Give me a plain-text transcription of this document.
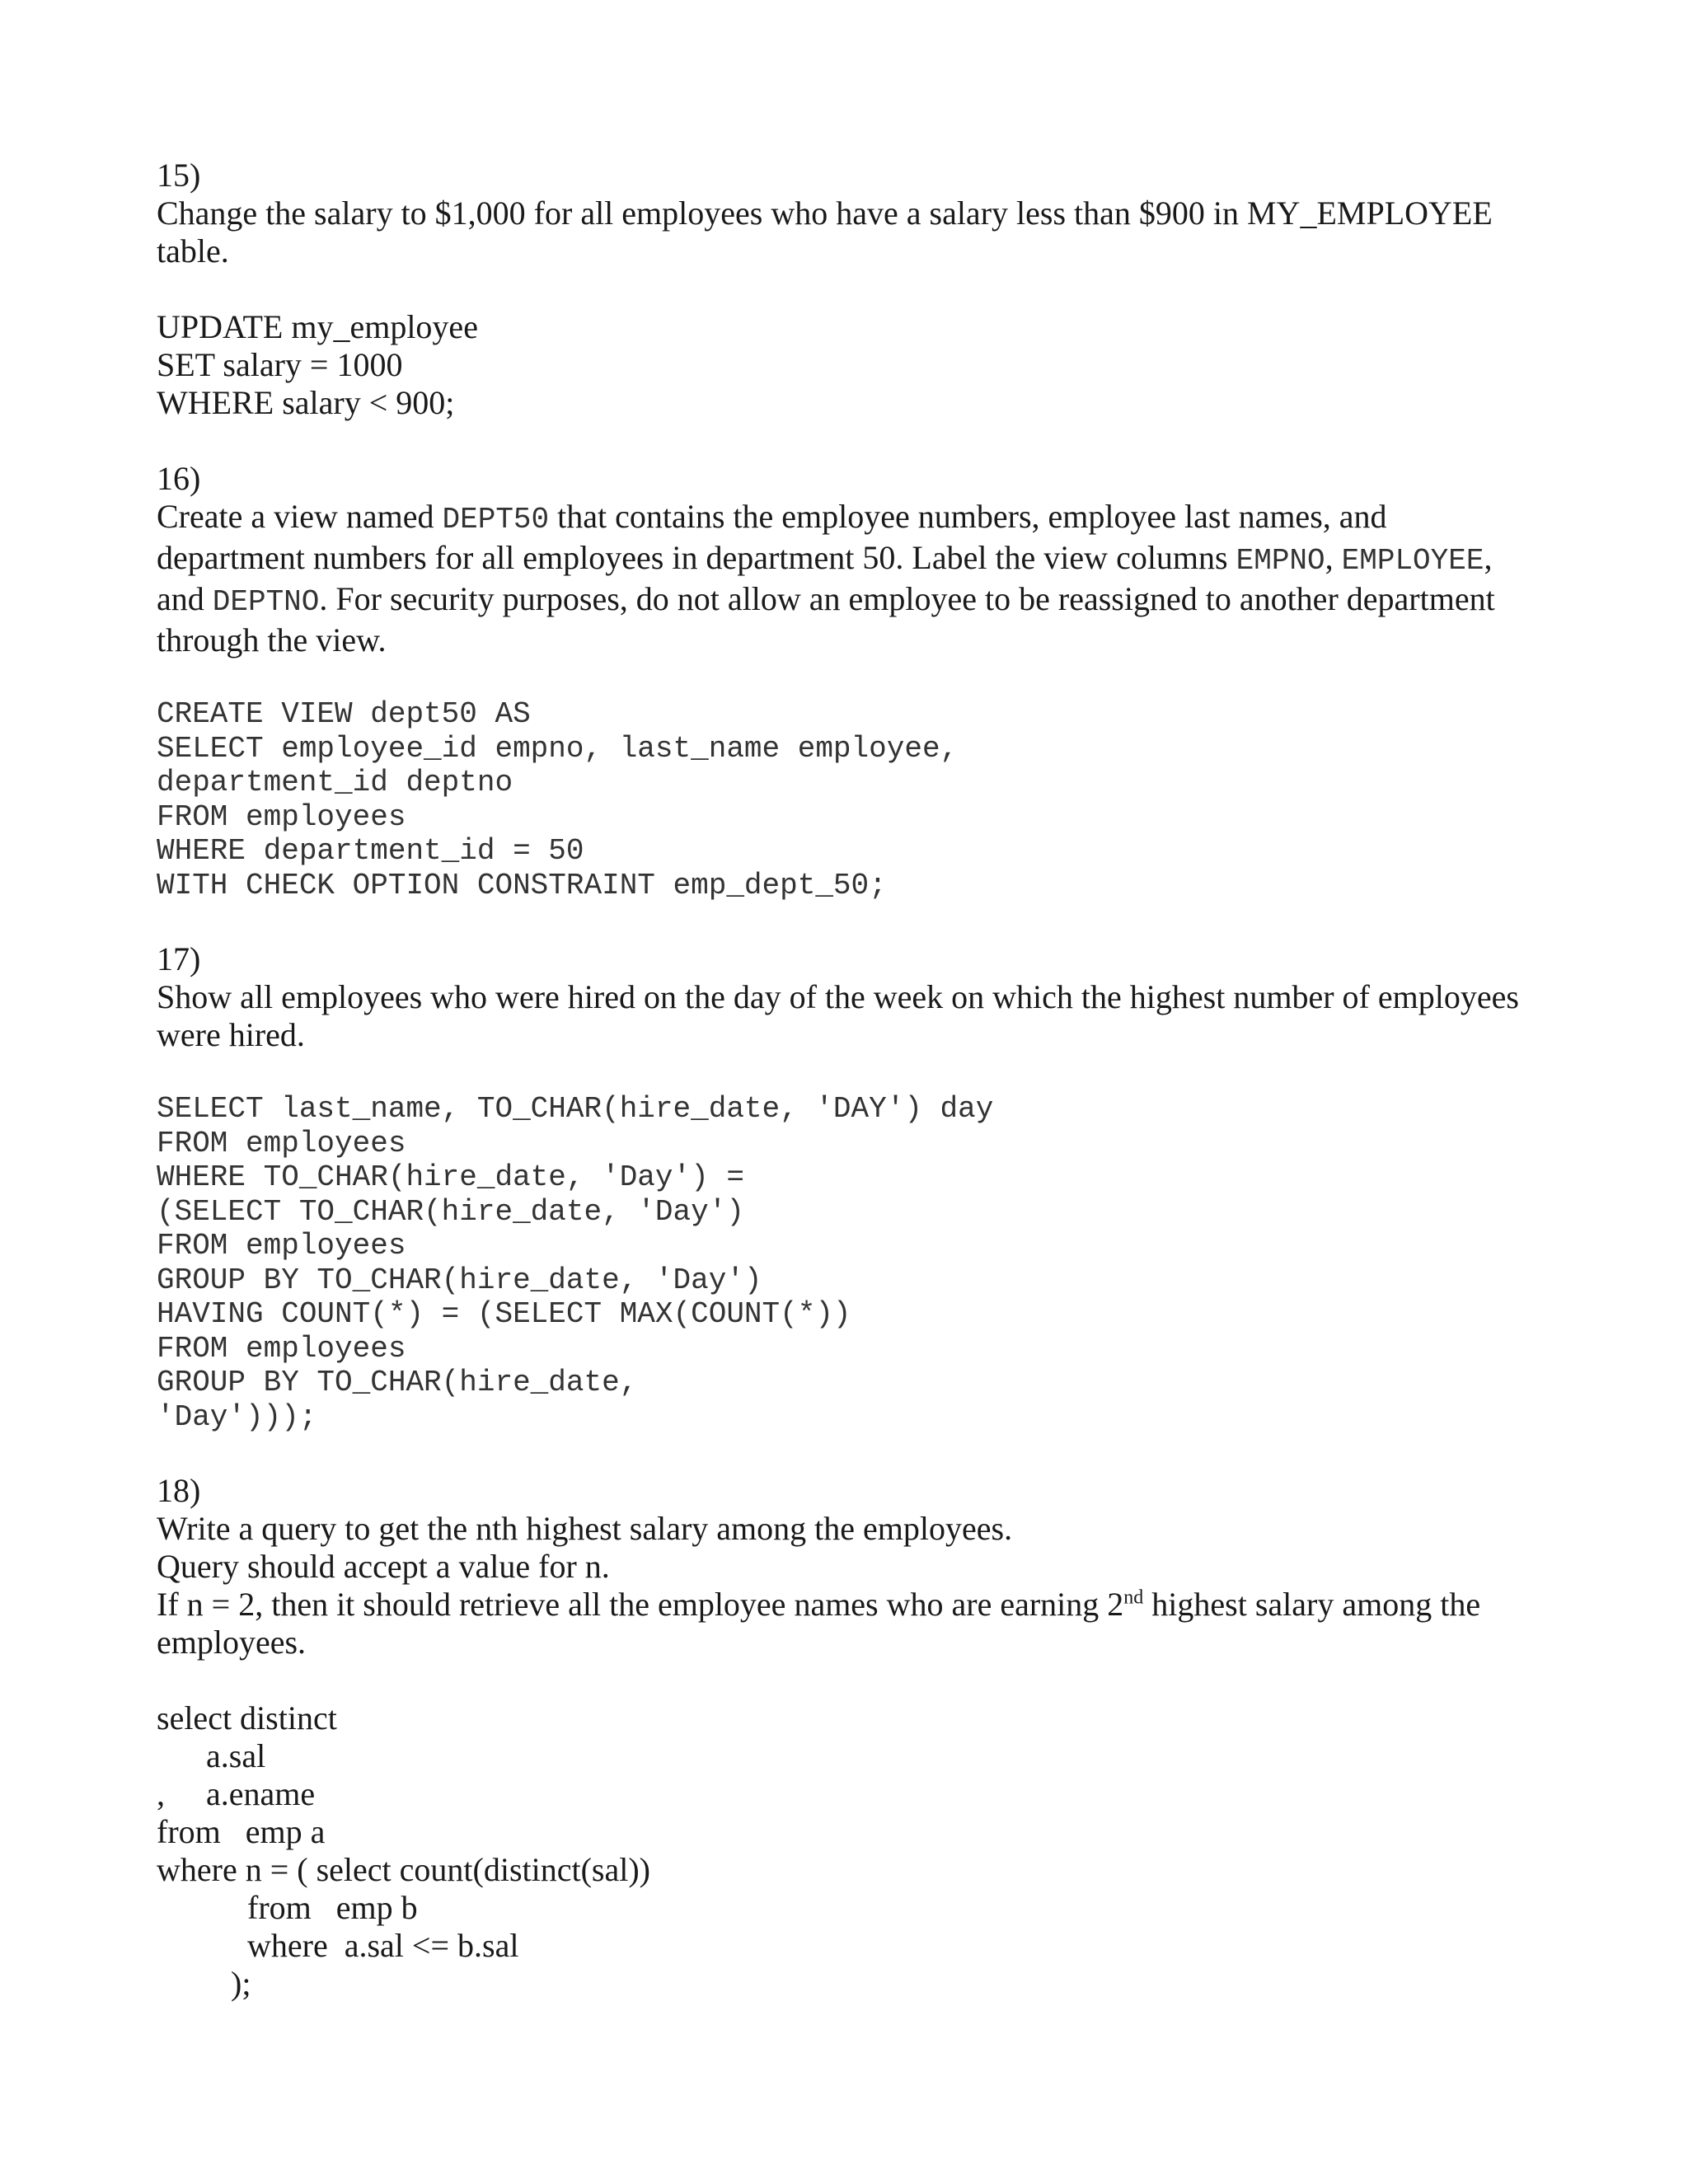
15)
Change the salary to $1,000 for all employees who have a salary less than $900 in MY_EMPLOYEE table.
UPDATE my_employee
SET salary = 1000
WHERE salary < 900;
16)
Create a view named DEPT50 that contains the employee numbers, employee last names, and department numbers for all employees in department 50. Label the view columns EMPNO, EMPLOYEE, and DEPTNO. For security purposes, do not allow an employee to be reassigned to another department through the view.
CREATE VIEW dept50 AS
SELECT employee_id empno, last_name employee,
department_id deptno
FROM employees
WHERE department_id = 50
WITH CHECK OPTION CONSTRAINT emp_dept_50;
17)
Show all employees who were hired on the day of the week on which the highest number of employees were hired.
SELECT last_name, TO_CHAR(hire_date, 'DAY') day
FROM employees
WHERE TO_CHAR(hire_date, 'Day') =
(SELECT TO_CHAR(hire_date, 'Day')
FROM employees
GROUP BY TO_CHAR(hire_date, 'Day')
HAVING COUNT(*) = (SELECT MAX(COUNT(*))
FROM employees
GROUP BY TO_CHAR(hire_date,
'Day')));
18)
Write a query to get the nth highest salary among the employees.
Query should accept a value for n.
If n = 2, then it should retrieve all the employee names who are earning 2nd highest salary among the employees.
select distinct
a.sal
,     a.ename
from   emp a
where n = ( select count(distinct(sal))
from   emp b
where  a.sal <= b.sal
);
